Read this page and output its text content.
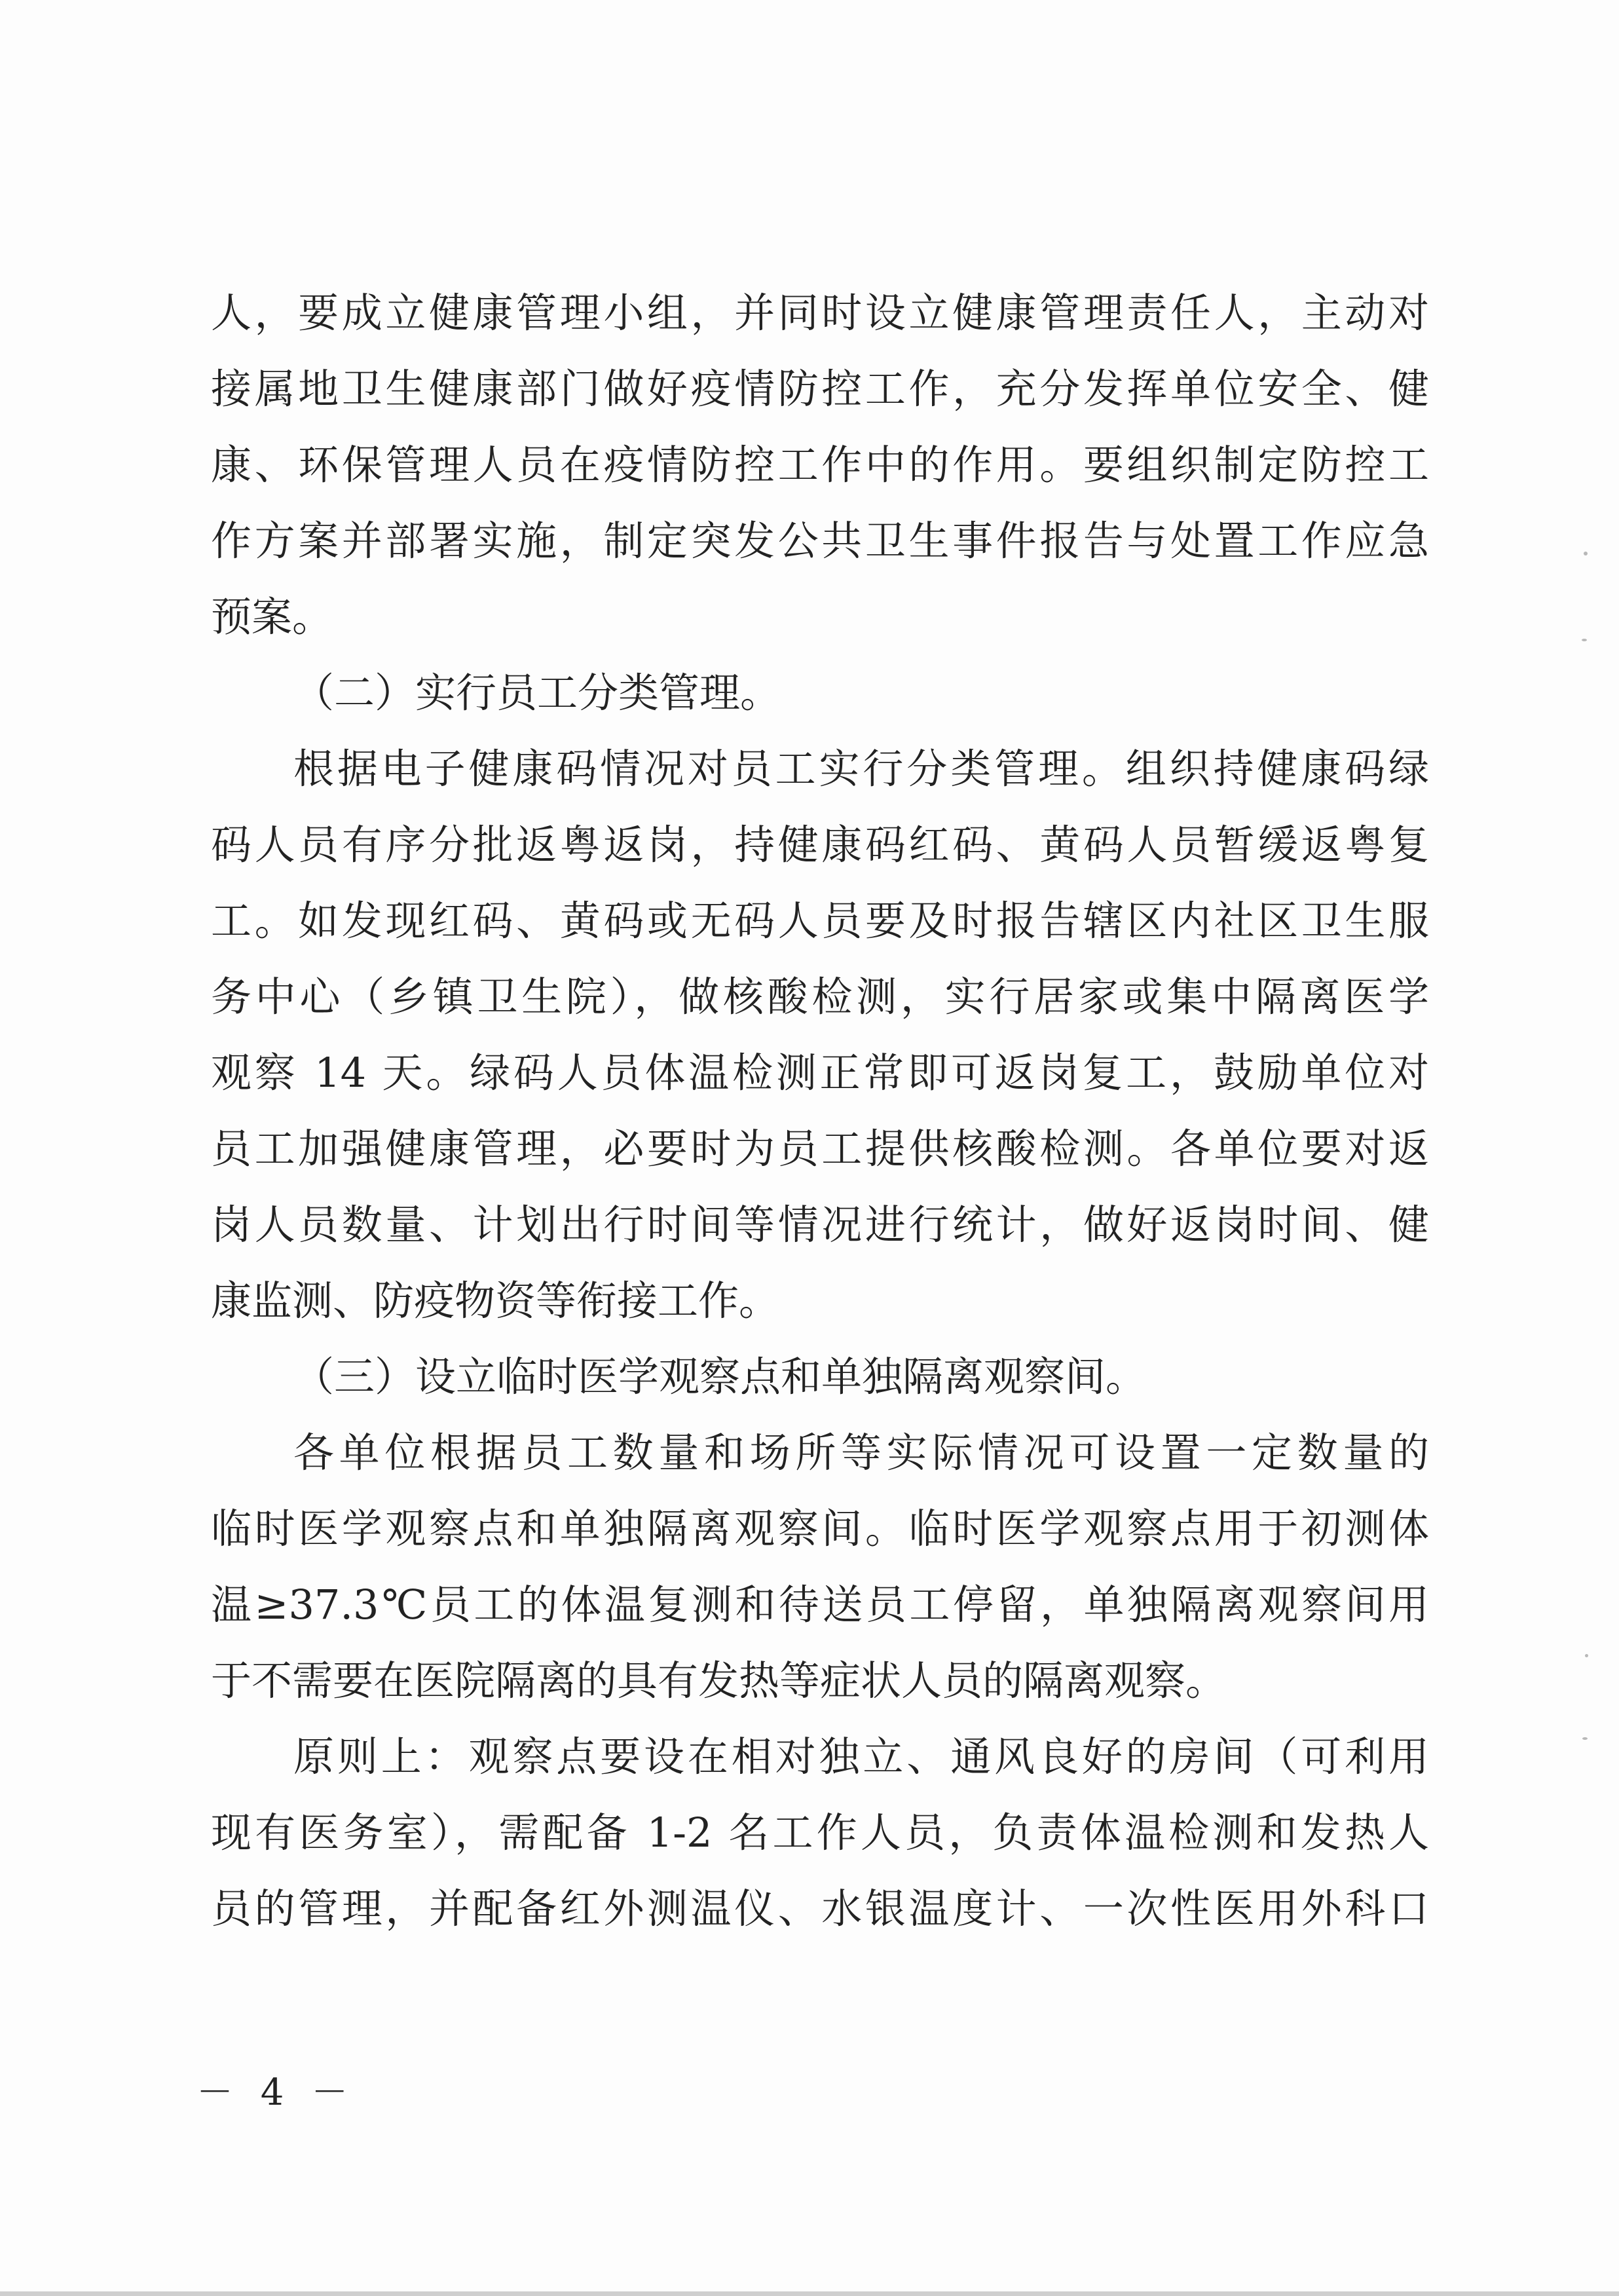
人，要成立健康管理小组，并同时设立健康管理责任人，主动对
接属地卫生健康部门做好疫情防控工作，充分发挥单位安全、健
康、环保管理人员在疫情防控工作中的作用。要组织制定防控工
作方案并部署实施，制定突发公共卫生事件报告与处置工作应急
预案。
（二）实行员工分类管理。
根据电子健康码情况对员工实行分类管理。组织持健康码绿
码人员有序分批返粤返岗，持健康码红码、黄码人员暂缓返粤复
工。如发现红码、黄码或无码人员要及时报告辖区内社区卫生服
务中心（乡镇卫生院），做核酸检测，实行居家或集中隔离医学
观察 14 天。绿码人员体温检测正常即可返岗复工，鼓励单位对
员工加强健康管理，必要时为员工提供核酸检测。各单位要对返
岗人员数量、计划出行时间等情况进行统计，做好返岗时间、健
康监测、防疫物资等衔接工作。
（三）设立临时医学观察点和单独隔离观察间。
各单位根据员工数量和场所等实际情况可设置一定数量的
临时医学观察点和单独隔离观察间。临时医学观察点用于初测体
温≥37.3℃员工的体温复测和待送员工停留，单独隔离观察间用
于不需要在医院隔离的具有发热等症状人员的隔离观察。
原则上：观察点要设在相对独立、通风良好的房间（可利用
现有医务室），需配备 1-2 名工作人员，负责体温检测和发热人
员的管理，并配备红外测温仪、水银温度计、一次性医用外科口
－ 4 －
